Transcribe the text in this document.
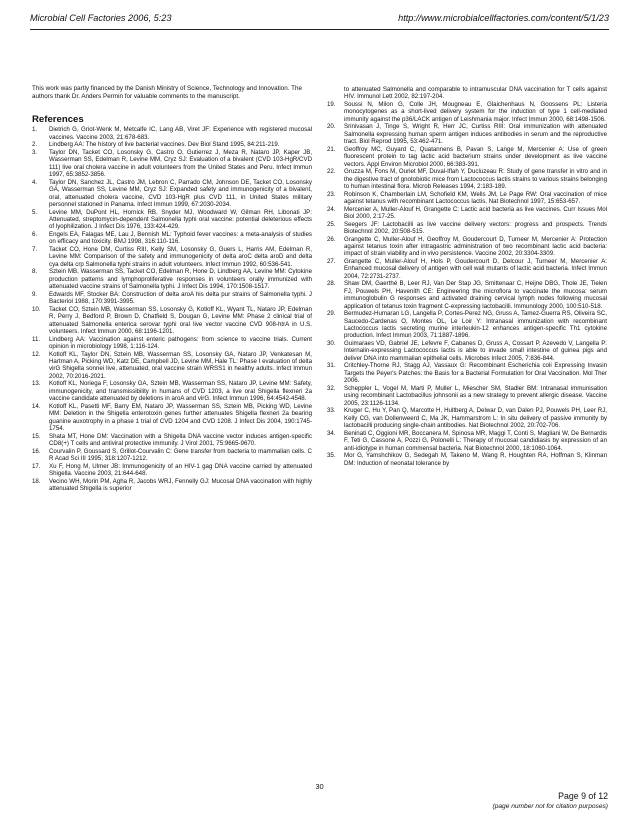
Microbial Cell Factories 2006, 5:23	http://www.microbialcellfactories.com/content/5/1/23

This work was partly financed by the Danish Ministry of Science, Technology and Innovation. The authors thank Dr. Anders Permin for valuable comments to the manuscript.

References
1.	Dietrich G, Griot-Wenk M, Metcalfe IC, Lang AB, Viret JF: Experience with registered mucosal vaccines. Vaccine 2003, 21:678-683.
2.	Lindberg AA: The history of live bacterial vaccines. Dev Biol Stand 1995, 84:211-219.
3.	Taylor DN, Tacket CO, Losonsky G, Castro O, Gutierrez J, Meza R, Nataro JP, Kaper JB, Wasserman SS, Edelman R, Levine MM, Cryz SJ: Evaluation of a bivalent (CVD 103-HgR/CVD 111) live oral cholera vaccine in adult volunteers from the United States and Peru. Infect Immun 1997, 65:3852-3856.
4.	Taylor DN, Sanchez JL, Castro JM, Lebron C, Parrado CM, Johnson DE, Tacket CO, Losonsky GA, Wasserman SS, Levine MM, Cryz SJ: Expanded safety and immunogenicity of a bivalent, oral, attenuated cholera vaccine, CVD 103-HgR plus CVD 111, in United States military personnel stationed in Panama. Infect Immun 1999, 67:2030-2034.
5.	Levine MM, DuPont HL, Hornick RB, Snyder MJ, Woodward W, Gilman RH, Libonati JP: Attenuated, streptomycin-dependent Salmonella typhi oral vaccine: potential deleterious effects of lyophilization. J Infect Dis 1976, 133:424-429.
6.	Engels EA, Falagas ME, Lau J, Bennish ML: Typhoid fever vaccines: a meta-analysis of studies on efficacy and toxicity. BMJ 1998, 316:110-116.
7.	Tacket CO, Hone DM, Curtiss RIII, Kelly SM, Losonsky G, Guers L, Harris AM, Edelman R, Levine MM: Comparison of the safety and immunogenicity of delta aroC delta aroD and delta cya delta crp Salmonella typhi strains in adult volunteers. Infect Immun 1992, 60:536-541.
8.	Sztein MB, Wasserman SS, Tacket CO, Edelman R, Hone D, Lindberg AA, Levine MM: Cytokine production patterns and lymphoproliferative responses in volunteers orally immunized with attenuated vaccine strains of Salmonella typhi. J Infect Dis 1994, 170:1508-1517.
9.	Edwards MF, Stocker BA: Construction of delta aroA his delta pur strains of Salmonella typhi. J Bacteriol 1988, 170:3991-3995.
10.	Tacket CO, Sztein MB, Wasserman SS, Losonsky G, Kotloff KL, Wyant TL, Nataro JP, Edelman R, Perry J, Bedford P, Brown D, Chatfield S, Dougan G, Levine MM: Phase 2 clinical trial of attenuated Salmonella enterica serovar typhi oral live vector vaccine CVD 908-htrA in U.S. volunteers. Infect Immun 2000, 68:1196-1201.
11.	Lindberg AA: Vaccination against enteric pathogens: from science to vaccine trials. Current opinion in microbiology 1998, 1:116-124.
12.	Kotloff KL, Taylor DN, Sztein MB, Wasserman SS, Losonsky GA, Nataro JP, Venkatesan M, Hartman A, Picking WD, Katz DE, Campbell JD, Levine MM, Hale TL: Phase I evaluation of delta virG Shigella sonnei live, attenuated, oral vaccine strain WRSS1 in healthy adults. Infect Immun 2002, 70:2016-2021.
13.	Kotloff KL, Noriega F, Losonsky GA, Sztein MB, Wasserman SS, Nataro JP, Levine MM: Safety, immunogenicity, and transmissibility in humans of CVD 1203, a live oral Shigella flexneri 2a vaccine candidate attenuated by deletions in aroA and virG. Infect Immun 1996, 64:4542-4548.
14.	Kotloff KL, Pasetti MF, Barry EM, Nataro JP, Wasserman SS, Sztein MB, Picking WD, Levine MM: Deletion in the Shigella enterotoxin genes further attenuates Shigella flexneri 2a bearing guanine auxotrophy in a phase 1 trial of CVD 1204 and CVD 1208. J Infect Dis 2004, 190:1745-1754.
15.	Shata MT, Hone DM: Vaccination with a Shigella DNA vaccine vector induces antigen-specific CD8(+) T cells and antiviral protective immunity. J Virol 2001, 75:9665-9670.
16.	Courvalin P, Goussard S, Grillot-Courvalin C: Gene transfer from bacteria to mammalian cells. C R Acad Sci III 1995, 318:1207-1212.
17.	Xu F, Hong M, Ulmer JB: Immunogenicity of an HIV-1 gag DNA vaccine carried by attenuated Shigella. Vaccine 2003, 21:644-648.
18.	Vecino WH, Morin PM, Agha R, Jacobs WRJ, Fennelly GJ: Mucosal DNA vaccination with highly attenuated Shigella is superior
to attenuated Salmonella and comparable to intramuscular DNA vaccination for T cells against HIV. Immunol Lett 2002, 82:197-204.
19.	Soussi N, Milon G, Colle JH, Mougneau E, Glaichenhaus N, Goossens PL: Listeria monocytogenes as a short-lived delivery system for the induction of type 1 cell-mediated immunity against the p36/LACK antigen of Leishmania major. Infect Immun 2000, 68:1498-1506.
20.	Srinivasan J, Tinge S, Wright R, Herr JC, Curtiss RIII: Oral immunization with attenuated Salmonella expressing human sperm antigen induces antibodies in serum and the reproductive tract. Biol Reprod 1995, 53:462-471.
21.	Geoffroy MC, Guyard C, Quatannens B, Pavan S, Lange M, Mercenier A: Use of green fluorescent protein to tag lactic acid bacterium strains under development as live vaccine vectors. Appl Environ Microbiol 2000, 66:383-391.
22.	Gruzza M, Fons M, Ouriet MF, Duval-Iflah Y, Ducluzeau R: Study of gene transfer in vitro and in the digestive tract of gnotobiotic mice from Lactococcus lactis strains to various strains belonging to human intestinal flora. Microb Releases 1994, 2:183-189.
23.	Robinson K, Chamberlain LM, Schofield KM, Wells JM, Le Page RW: Oral vaccination of mice against tetanus with recombinant Lactococcus lactis. Nat Biotechnol 1997, 15:653-657.
24.	Mercenier A, Muller-Alouf H, Grangette C: Lactic acid bacteria as live vaccines. Curr Issues Mol Biol 2000, 2:17-25.
25.	Seegers JF: Lactobacilli as live vaccine delivery vectors: progress and prospects. Trends Biotechnol 2002, 20:508-515.
26.	Grangette C, Muller-Alouf H, Geoffroy M, Goudercourt D, Turneer M, Mercenier A: Protection against tetanus toxin after intragastric administration of two recombinant lactic acid bacteria: impact of strain viability and in vivo persistence. Vaccine 2002, 20:3304-3309.
27.	Grangette C, Muller-Alouf H, Hols P, Goudercourt D, Delcour J, Turneer M, Mercenier A: Enhanced mucosal delivery of antigen with cell wall mutants of lactic acid bacteria. Infect Immun 2004, 72:2731-2737.
28.	Shaw DM, Gaerthé B, Leer RJ, Van Der Stap JG, Smittenaar C, Heijne DBG, Thole JE, Tielen FJ, Pouwels PH, Havenith CE: Engineering the microflora to vaccinate the mucosa: serum immunoglobulin G responses and activated draining cervical lymph nodes following mucosal application of tetanus toxin fragment C-expressing lactobacilli. Immunology 2000, 100:510-518.
29.	Bermudez-Humaran LG, Langella P, Cortes-Perez NG, Gruss A, Tamez-Guerra RS, Oliveira SC, Saucedo-Cardenas O, Montes OL, Le Loir Y: Intranasal immunization with recombinant Lactococcus lactis secreting murine interleukin-12 enhances antigen-specific Th1 cytokine production. Infect Immun 2003, 71:1887-1896.
30.	Guimaraes VD, Gabriel JE, Lefevre F, Cabanes D, Gruss A, Cossart P, Azevedo V, Langella P: Internalin-expressing Lactococcus lactis is able to invade small intestine of guinea pigs and deliver DNA into mammalian epithelial cells. Microbes Infect 2005, 7:836-844.
31.	Critchley-Thorne RJ, Stagg AJ, Vassaux G: Recombinant Escherichia coli Expressing Invasin Targets the Peyer's Patches: the Basis for a Bacterial Formulation for Oral Vaccination. Mol Ther 2006.
32.	Scheppler L, Vogel M, Marti P, Muller L, Miescher SM, Stadler BM: Intranasal immunisation using recombinant Lactobacillus johnsonii as a new strategy to prevent allergic disease. Vaccine 2005, 23:1126-1134.
33.	Kruger C, Hu Y, Pan Q, Marcotte H, Hultberg A, Delwar D, van Dalen PJ, Pouwels PH, Leer RJ, Kelly CG, van Dollenweerd C, Ma JK, Hammarstrom L: In situ delivery of passive immunity by lactobacilli producing single-chain antibodies. Nat Biotechnol 2002, 20:702-706.
34.	Beninati C, Oggioni MR, Boccanera M, Spinosa MR, Maggi T, Conti S, Magliani W, De Bernardis F, Teti G, Cassone A, Pozzi G, Polonelli L: Therapy of mucosal candidiasis by expression of an anti-idiotype in human commensal bacteria. Nat Biotechnol 2000, 18:1060-1064.
35.	Mor G, Yamshchikov G, Sedegah M, Takeno M, Wang R, Houghten RA, Hoffman S, Klinman DM: Induction of neonatal tolerance by
30
Page 9 of 12
(page number not for citation purposes)
